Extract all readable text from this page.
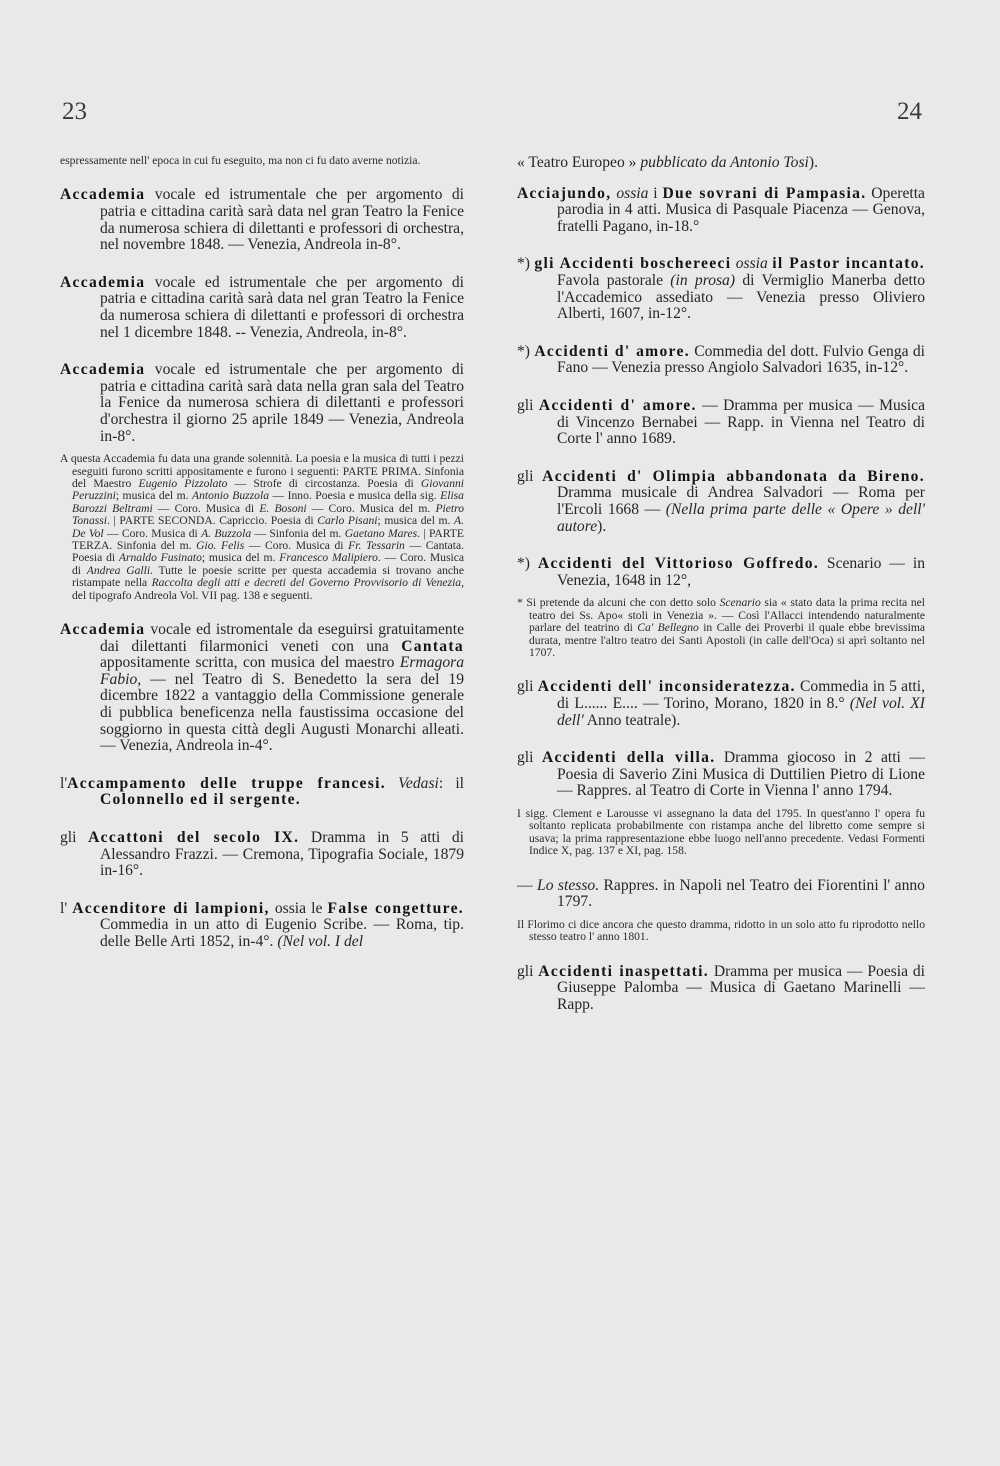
23	24

espressamente nell' epoca in cui fu eseguito, ma non ci fu dato averne notizia.

Accademia vocale ed istrumentale che per argomento di patria e cittadina carità sarà data nel gran Teatro la Fenice da numerosa schiera di dilettanti e professori di orchestra, nel novembre 1848. — Venezia, Andreola in-8°.

Accademia vocale ed istrumentale che per argomento di patria e cittadina carità sarà data nel gran Teatro la Fenice da numerosa schiera di dilettanti e professori di orchestra nel 1 dicembre 1848. -- Venezia, Andreola, in-8°.

Accademia vocale ed istrumentale che per argomento di patria e cittadina carità sarà data nella gran sala del Teatro la Fenice da numerosa schiera di dilettanti e professori d'orchestra il giorno 25 aprile 1849 — Venezia, Andreola in-8°.

A questa Accademia fu data una grande solennità. La poesia e la musica di tutti i pezzi eseguiti furono scritti appositamente e furono i seguenti: PARTE PRIMA. Sinfonia del Maestro Eugenio Pizzolato — Strofe di circostanza. Poesia di Giovanni Peruzzini; musica del m. Antonio Buzzola — Inno. Poesia e musica della sig. Elisa Barozzi Beltrami — Coro. Musica di E. Bosoni — Coro. Musica del m. Pietro Tonassi. | PARTE SECONDA. Capriccio. Poesia di Carlo Pisani; musica del m. A. De Vol — Coro. Musica di A. Buzzola — Sinfonia del m. Gaetano Mares. | PARTE TERZA. Sinfonia del m. Gio. Felis — Coro. Musica di Fr. Tessarin — Cantata. Poesia di Arnaldo Fusinato; musica del m. Francesco Malipiero. — Coro. Musica di Andrea Galli. Tutte le poesie scritte per questa accademia si trovano anche ristampate nella Raccolta degli atti e decreti del Governo Provvisorio di Venezia, del tipografo Andreola Vol. VII pag. 138 e seguenti.

Accademia vocale ed istromentale da eseguirsi gratuitamente dai dilettanti filarmonici veneti con una Cantata appositamente scritta, con musica del maestro Ermagora Fabio, — nel Teatro di S. Benedetto la sera del 19 dicembre 1822 a vantaggio della Commissione generale di pubblica beneficenza nella faustissima occasione del soggiorno in questa città degli Augusti Monarchi alleati. — Venezia, Andreola in-4°.

l'Accampamento delle truppe francesi. Vedasi: il Colonnello ed il sergente.

gli Accattoni del secolo IX. Dramma in 5 atti di Alessandro Frazzi. — Cremona, Tipografia Sociale, 1879 in-16°.

l' Accenditore di lampioni, ossia le False congetture. Commedia in un atto di Eugenio Scribe. — Roma, tip. delle Belle Arti 1852, in-4°. (Nel vol. I del

« Teatro Europeo » pubblicato da Antonio Tosi).

Acciajundo, ossia i Due sovrani di Pampasia. Operetta parodia in 4 atti. Musica di Pasquale Piacenza — Genova, fratelli Pagano, in-18.°

*) gli Accidenti boschereeci ossia il Pastor incantato. Favola pastorale (in prosa) di Vermiglio Manerba detto l'Accademico assediato — Venezia presso Oliviero Alberti, 1607, in-12°.

*) Accidenti d' amore. Commedia del dott. Fulvio Genga di Fano — Venezia presso Angiolo Salvadori 1635, in-12°.

gli Accidenti d' amore. — Dramma per musica — Musica di Vincenzo Bernabei — Rapp. in Vienna nel Teatro di Corte l' anno 1689.

gli Accidenti d' Olimpia abbandonata da Bireno. Dramma musicale di Andrea Salvadori — Roma per l'Ercoli 1668 — (Nella prima parte delle « Opere » dell' autore).

*) Accidenti del Vittorioso Goffredo. Scenario — in Venezia, 1648 in 12°,

* Si pretende da alcuni che con detto solo Scenario sia « stato data la prima recita nel teatro dei Ss. Apo« stoli in Venezia ». — Così l'Allacci intendendo naturalmente parlare del teatrino di Ca' Bellegno in Calle dei Proverbi il quale ebbe brevissima durata, mentre l'altro teatro dei Santi Apostoli (in calle dell'Oca) si aprì soltanto nel 1707.

gli Accidenti dell' inconsideratezza. Commedia in 5 atti, di L...... E.... — Torino, Morano, 1820 in 8.° (Nel vol. XI dell' Anno teatrale).

gli Accidenti della villa. Dramma giocoso in 2 atti — Poesia di Saverio Zini Musica di Duttilien Pietro di Lione — Rappres. al Teatro di Corte in Vienna l' anno 1794.

I sigg. Clement e Larousse vi assegnano la data del 1795. In quest'anno l' opera fu soltanto replicata probabilmente con ristampa anche del libretto come sempre si usava; la prima rappresentazione ebbe luogo nell'anno precedente. Vedasi Formenti Indice X, pag. 137 e XI, pag. 158.

— Lo stesso. Rappres. in Napoli nel Teatro dei Fiorentini l' anno 1797.

Il Florimo ci dice ancora che questo dramma, ridotto in un solo atto fu riprodotto nello stesso teatro l' anno 1801.

gli Accidenti inaspettati. Dramma per musica — Poesia di Giuseppe Palomba — Musica di Gaetano Marinelli — Rapp.
